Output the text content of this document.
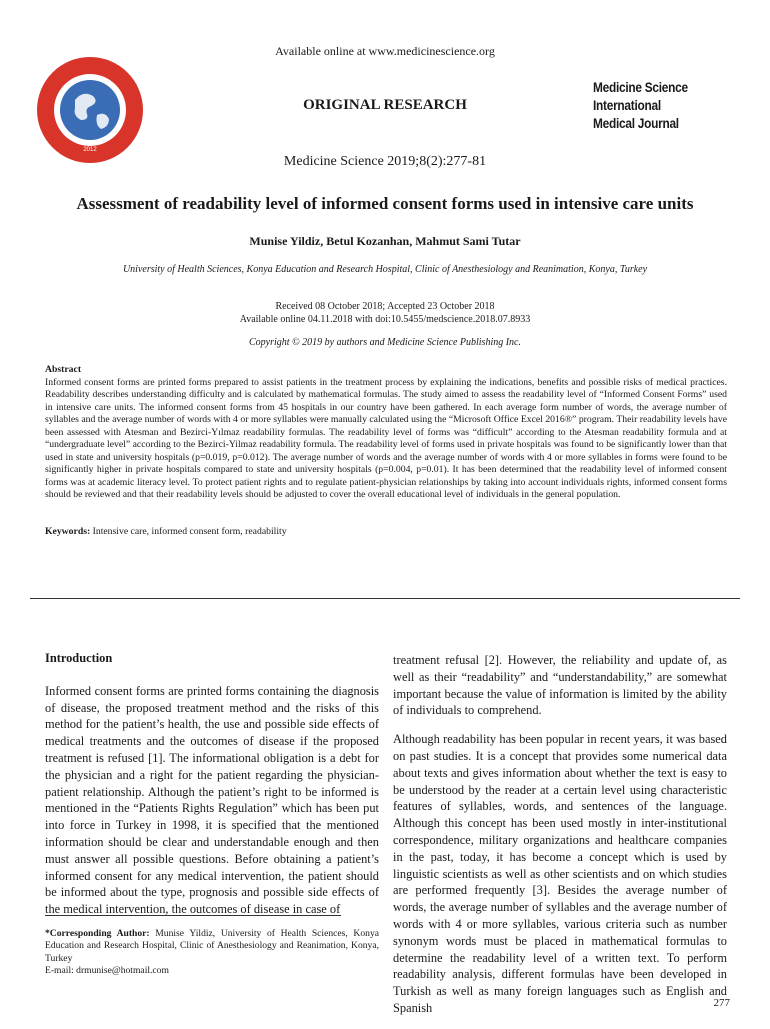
Available online at www.medicinescience.org
2012
ORIGINAL RESEARCH
Medicine Science
International
Medical Journal
Medicine Science 2019;8(2):277-81
Assessment of readability level of informed consent forms used in intensive care units
Munise Yildiz, Betul Kozanhan, Mahmut Sami Tutar
University of Health Sciences, Konya Education and Research Hospital, Clinic of Anesthesiology and Reanimation, Konya, Turkey
Received 08 October 2018; Accepted 23 October 2018
Available online 04.11.2018 with doi:10.5455/medscience.2018.07.8933
Copyright © 2019 by authors and Medicine Science Publishing Inc.
Abstract
Informed consent forms are printed forms prepared to assist patients in the treatment process by explaining the indications, benefits and possible risks of medical practices. Readability describes understanding difficulty and is calculated by mathematical formulas. The study aimed to assess the readability level of “Informed Consent Forms” used in intensive care units. The informed consent forms from 45 hospitals in our country have been gathered. In each average form number of words, the average number of syllables and the average number of words with 4 or more syllables were manually calculated using the “Microsoft Office Excel 2016®” program. Their readability levels have been assessed with Atesman and Bezirci-Yılmaz readability formulas. The readability level of forms was “difficult” according to the Atesman readability formula and at “undergraduate level” according to the Bezirci-Yilmaz readability formula. The readability level of forms used in private hospitals was found to be significantly lower than that used in state and university hospitals (p=0.019, p=0.012). The average number of words and the average number of words with 4 or more syllables in forms were found to be significantly higher in private hospitals compared to state and university hospitals (p=0.004, p=0.01). It has been determined that the readability level of informed consent forms was at academic literacy level. To protect patient rights and to regulate patient-physician relationships by taking into account individuals rights, informed consent forms should be reviewed and that their readability levels should be adjusted to cover the overall educational level of individuals in the general population.
Keywords: Intensive care, informed consent form, readability
Introduction

Informed consent forms are printed forms containing the diagnosis of disease, the proposed treatment method and the risks of this method for the patient’s health, the use and possible side effects of medical treatments and the outcomes of disease if the proposed treatment is refused [1]. The informational obligation is a debt for the physician and a right for the patient regarding the physician-patient relationship. Although the patient’s right to be informed is mentioned in the “Patients Rights Regulation” which has been put into force in Turkey in 1998, it is specified that the mentioned information should be clear and understandable enough and then must answer all possible questions. Before obtaining a patient’s informed consent for any medical intervention, the patient should be informed about the type, prognosis and possible side effects of the medical intervention, the outcomes of disease in case of

treatment refusal [2]. However, the reliability and update of, as well as their “readability” and “understandability,” are somewhat important because the value of information is limited by the ability of individuals to comprehend.

Although readability has been popular in recent years, it was based on past studies. It is a concept that provides some numerical data about texts and gives information about whether the text is easy to be understood by the reader at a certain level using characteristic features of syllables, words, and sentences of the language. Although this concept has been used mostly in inter-institutional correspondence, military organizations and healthcare companies in the past, today, it has become a concept which is used by linguistic scientists as well as other scientists and on which studies are performed frequently [3]. Besides the average number of words, the average number of syllables and the average number of words with 4 or more syllables, various criteria such as number synonym words must be placed in mathematical formulas to determine the readability level of a written text. To perform readability analysis, different formulas have been developed in Turkish as well as many foreign languages such as English and Spanish

*Corresponding Author: Munise Yildiz, University of Health Sciences, Konya Education and Research Hospital, Clinic of Anesthesiology and Reanimation, Konya, Turkey
E-mail: drmunise@hotmail.com
277
